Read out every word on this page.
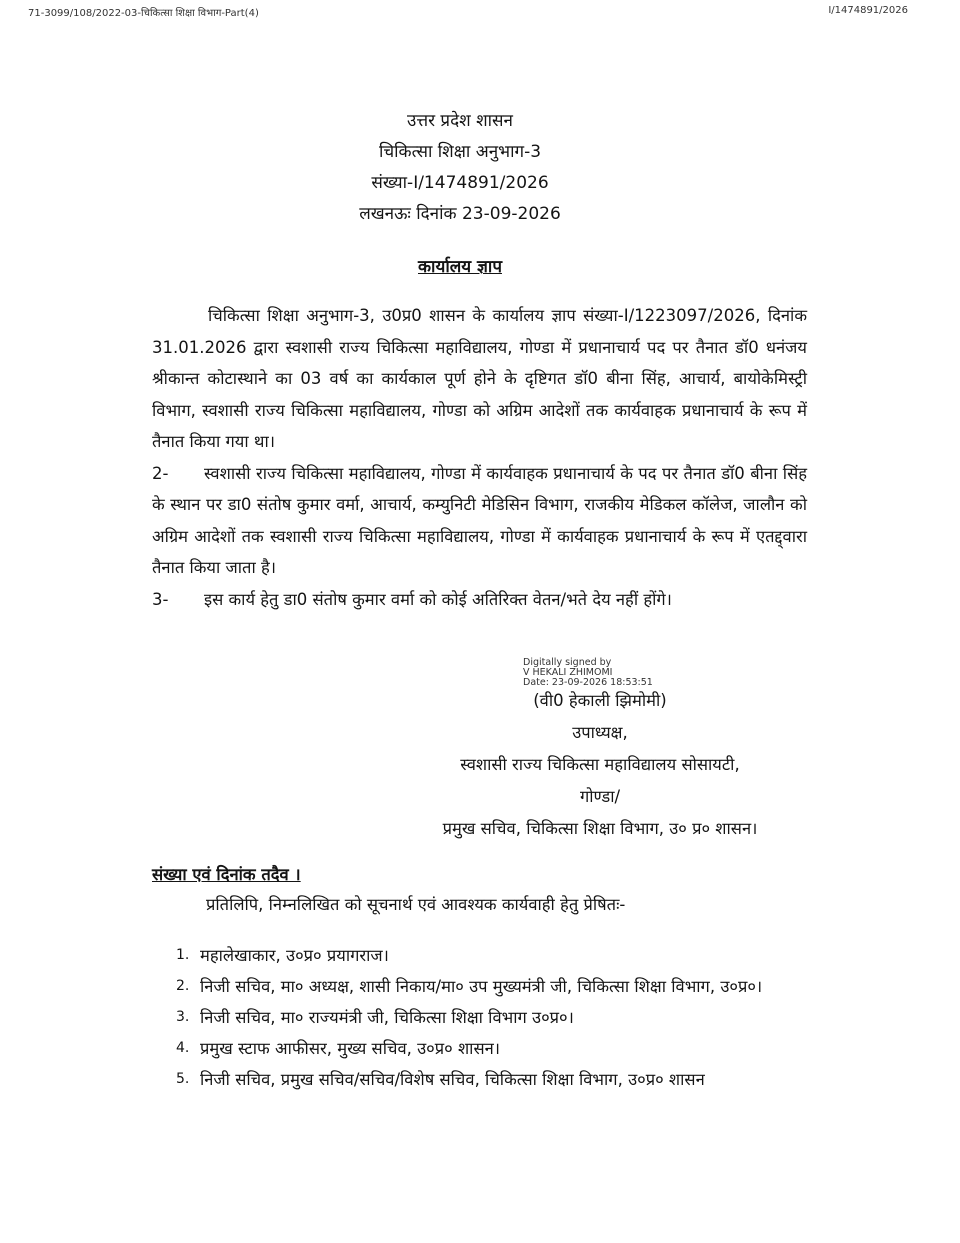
71-3099/108/2022-03-चिकित्सा शिक्षा विभाग-Part(4)	I/1474891/2026
उत्तर प्रदेश शासन
चिकित्सा शिक्षा अनुभाग-3
संख्या-I/1474891/2026
लखनऊः दिनांक 23-09-2026
कार्यालय ज्ञाप

चिकित्सा शिक्षा अनुभाग-3, उ0प्र0 शासन के कार्यालय ज्ञाप संख्या-I/1223097/2026, दिनांक 31.01.2026 द्वारा स्वशासी राज्य चिकित्सा महाविद्यालय, गोण्डा में प्रधानाचार्य पद पर तैनात डॉ0 धनंजय श्रीकान्त कोटास्थाने का 03 वर्ष का कार्यकाल पूर्ण होने के दृष्टिगत डॉ0 बीना सिंह, आचार्य, बायोकेमिस्ट्री विभाग, स्वशासी राज्य चिकित्सा महाविद्यालय, गोण्डा को अग्रिम आदेशों तक कार्यवाहक प्रधानाचार्य के रूप में तैनात किया गया था।

2- स्वशासी राज्य चिकित्सा महाविद्यालय, गोण्डा में कार्यवाहक प्रधानाचार्य के पद पर तैनात डॉ0 बीना सिंह के स्थान पर डा0 संतोष कुमार वर्मा, आचार्य, कम्युनिटी मेडिसिन विभाग, राजकीय मेडिकल कॉलेज, जालौन को अग्रिम आदेशों तक स्वशासी राज्य चिकित्सा महाविद्यालय, गोण्डा में कार्यवाहक प्रधानाचार्य के रूप में एतद्द्वारा तैनात किया जाता है।

3- इस कार्य हेतु डा0 संतोष कुमार वर्मा को कोई अतिरिक्त वेतन/भते देय नहीं होंगे।

Digitally signed by
V HEKALI ZHIMOMI
Date: 23-09-2026 18:53:51
(वी0 हेकाली झिमोमी)
उपाध्यक्ष,
स्वशासी राज्य चिकित्सा महाविद्यालय सोसायटी,
गोण्डा/
प्रमुख सचिव, चिकित्सा शिक्षा विभाग, उ० प्र० शासन।
संख्या एवं दिनांक तदैव ।
प्रतिलिपि, निम्नलिखित को सूचनार्थ एवं आवश्यक कार्यवाही हेतु प्रेषितः-
1. महालेखाकार, उ०प्र० प्रयागराज।
2. निजी सचिव, मा० अध्यक्ष, शासी निकाय/मा० उप मुख्यमंत्री जी, चिकित्सा शिक्षा विभाग, उ०प्र०।
3. निजी सचिव, मा० राज्यमंत्री जी, चिकित्सा शिक्षा विभाग उ०प्र०।
4. प्रमुख स्टाफ आफीसर, मुख्य सचिव, उ०प्र० शासन।
5. निजी सचिव, प्रमुख सचिव/सचिव/विशेष सचिव, चिकित्सा शिक्षा विभाग, उ०प्र० शासन
